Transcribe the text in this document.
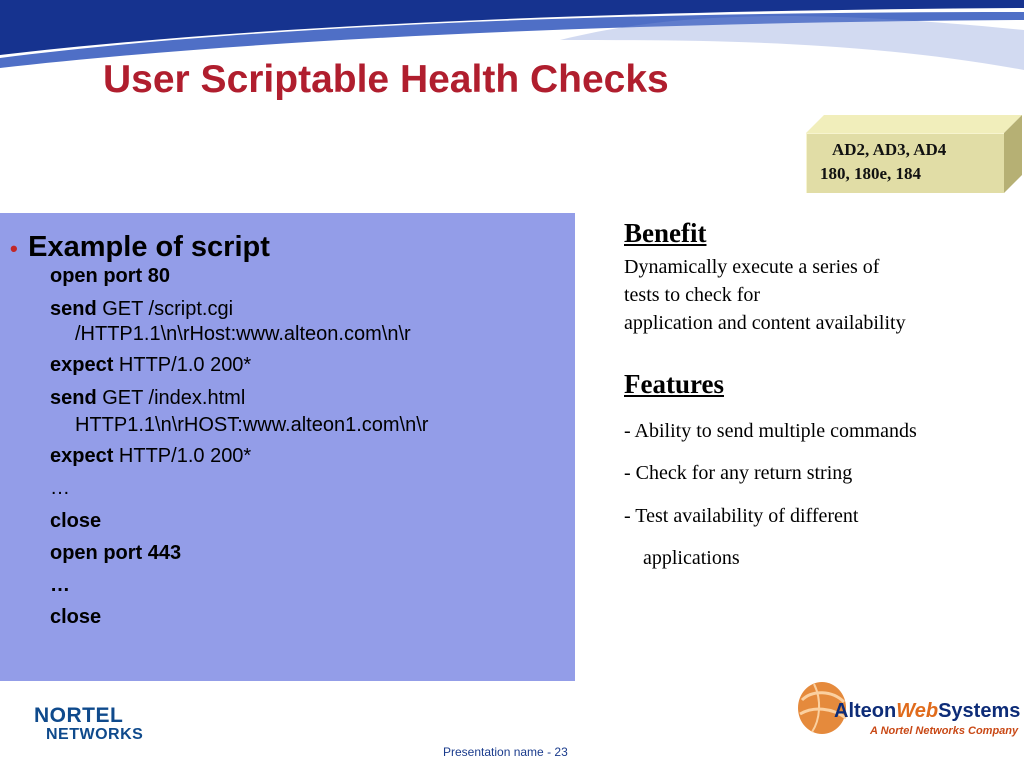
User Scriptable Health Checks
AD2, AD3, AD4
180, 180e, 184
• Example of script
open port 80
send GET /script.cgi
/HTTP1.1\n\rHost:www.alteon.com\n\r
expect HTTP/1.0 200*
send GET /index.html
HTTP1.1\n\rHOST:www.alteon1.com\n\r
expect HTTP/1.0 200*
…
close
open port 443
…
close
Benefit
Dynamically execute a series of
tests to check for
application and content availability
Features
- Ability to send multiple commands
- Check for any return string
- Test availability of different
applications
NORTEL
NETWORKS
Presentation name - 23
AlteonWebSystems
A Nortel Networks Company
